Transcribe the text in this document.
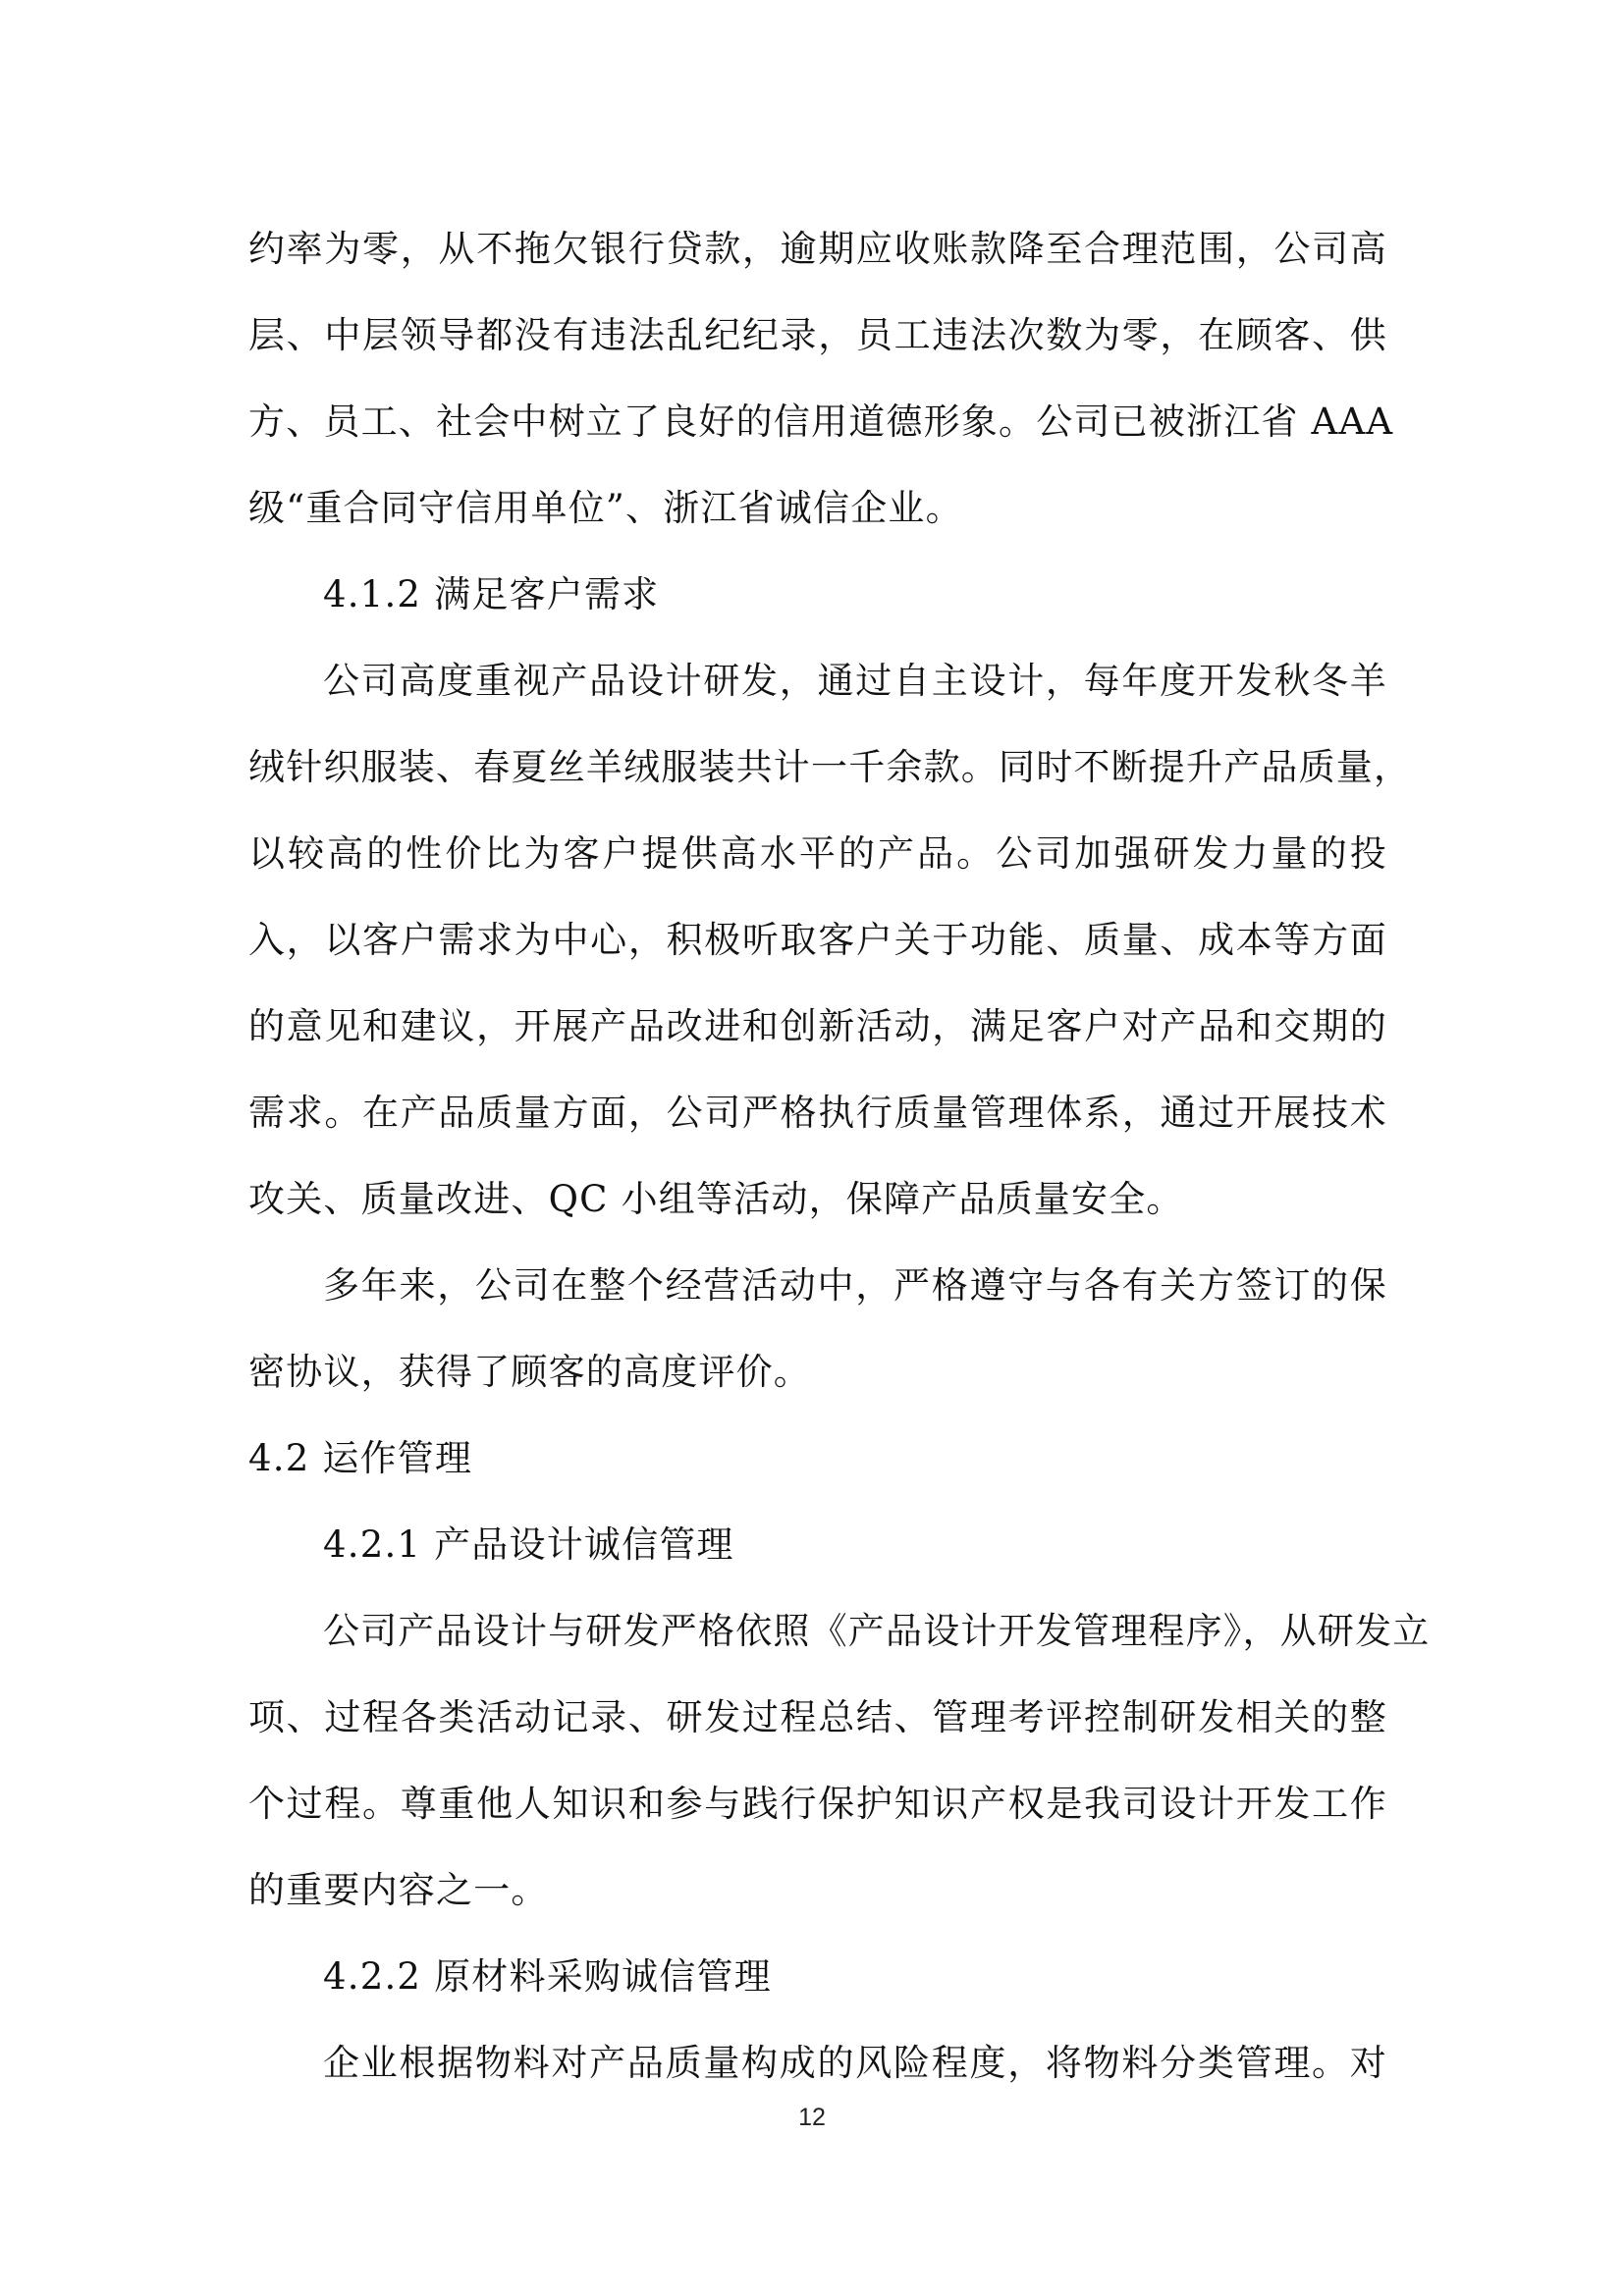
约率为零，从不拖欠银行贷款，逾期应收账款降至合理范围，公司高
层、中层领导都没有违法乱纪纪录，员工违法次数为零，在顾客、供
方、员工、社会中树立了良好的信用道德形象。公司已被浙江省 AAA
级“重合同守信用单位”、浙江省诚信企业。
4.1.2 满足客户需求
公司高度重视产品设计研发，通过自主设计，每年度开发秋冬羊
绒针织服装、春夏丝羊绒服装共计一千余款。同时不断提升产品质量，
以较高的性价比为客户提供高水平的产品。公司加强研发力量的投
入，以客户需求为中心，积极听取客户关于功能、质量、成本等方面
的意见和建议，开展产品改进和创新活动，满足客户对产品和交期的
需求。在产品质量方面，公司严格执行质量管理体系，通过开展技术
攻关、质量改进、QC 小组等活动，保障产品质量安全。
多年来，公司在整个经营活动中，严格遵守与各有关方签订的保
密协议，获得了顾客的高度评价。
4.2 运作管理
4.2.1 产品设计诚信管理
公司产品设计与研发严格依照《产品设计开发管理程序》，从研发立
项、过程各类活动记录、研发过程总结、管理考评控制研发相关的整
个过程。尊重他人知识和参与践行保护知识产权是我司设计开发工作
的重要内容之一。
4.2.2 原材料采购诚信管理
企业根据物料对产品质量构成的风险程度，将物料分类管理。对
12
